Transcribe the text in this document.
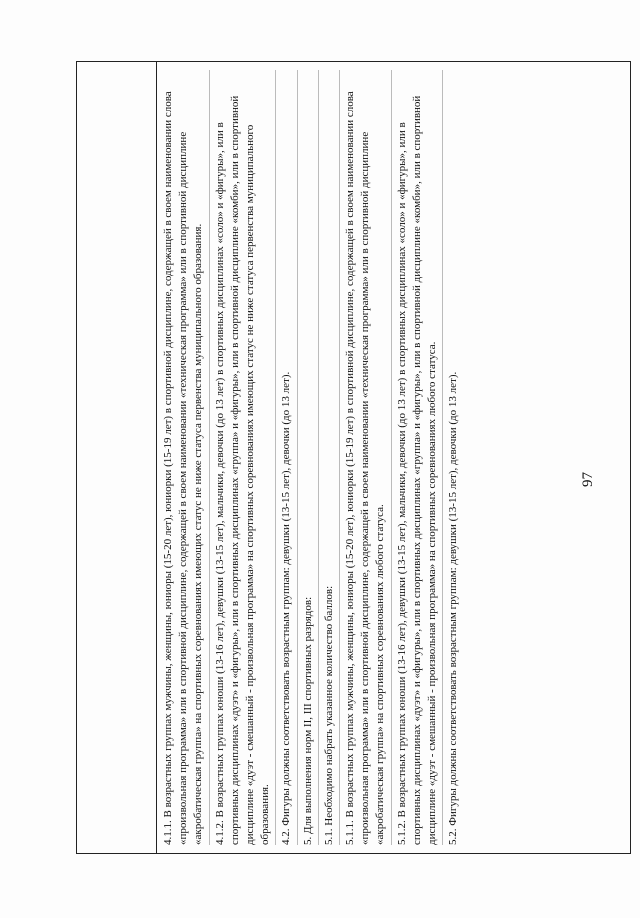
97

4.1.1. В возрастных группах мужчины, женщины, юниоры (15-20 лет), юниорки (15-19 лет) в спортивной дисциплине, содержащей в своем наименовании слова «произвольная программа» или в спортивной дисциплине, содержащей в своем наименовании «техническая программа» или в спортивной дисциплине «акробатическая группа» на спортивных соревнованиях имеющих статус не ниже статуса первенства муниципального образования. 4.1.2. В возрастных группах юноши (13-16 лет), девушки (13-15 лет), мальчики, девочки (до 13 лет) в спортивных дисциплинах «соло» и «фигуры», или в спортивных дисциплинах «дуэт» и «фигуры», или в спортивных дисциплинах «группа» и «фигуры», или в спортивной дисциплине «комби», или в спортивной дисциплине «дуэт - смешанный - произвольная программа» на спортивных соревнованиях имеющих статус не ниже статуса первенства муниципального образования. 4.2. Фигуры должны соответствовать возрастным группам: девушки (13-15 лет), девочки (до 13 лет). 5. Для выполнения норм II, III спортивных разрядов: 5.1. Необходимо набрать указанное количество баллов: 5.1.1. В возрастных группах мужчины, женщины, юниоры (15-20 лет), юниорки (15-19 лет) в спортивной дисциплине, содержащей в своем наименовании слова «произвольная программа» или в спортивной дисциплине, содержащей в своем наименовании «техническая программа» или в спортивной дисциплине «акробатическая группа» на спортивных соревнованиях любого статуса. 5.1.2. В возрастных группах юноши (13-16 лет), девушки (13-15 лет), мальчики, девочки (до 13 лет) в спортивных дисциплинах «соло» и «фигуры», или в спортивных дисциплинах «дуэт» и «фигуры», или в спортивных дисциплинах «группа» и «фигуры», или в спортивной дисциплине «комби», или в спортивной дисциплине «дуэт - смешанный - произвольная программа» на спортивных соревнованиях любого статуса. 5.2. Фигуры должны соответствовать возрастным группам: девушки (13-15 лет), девочки (до 13 лет).
